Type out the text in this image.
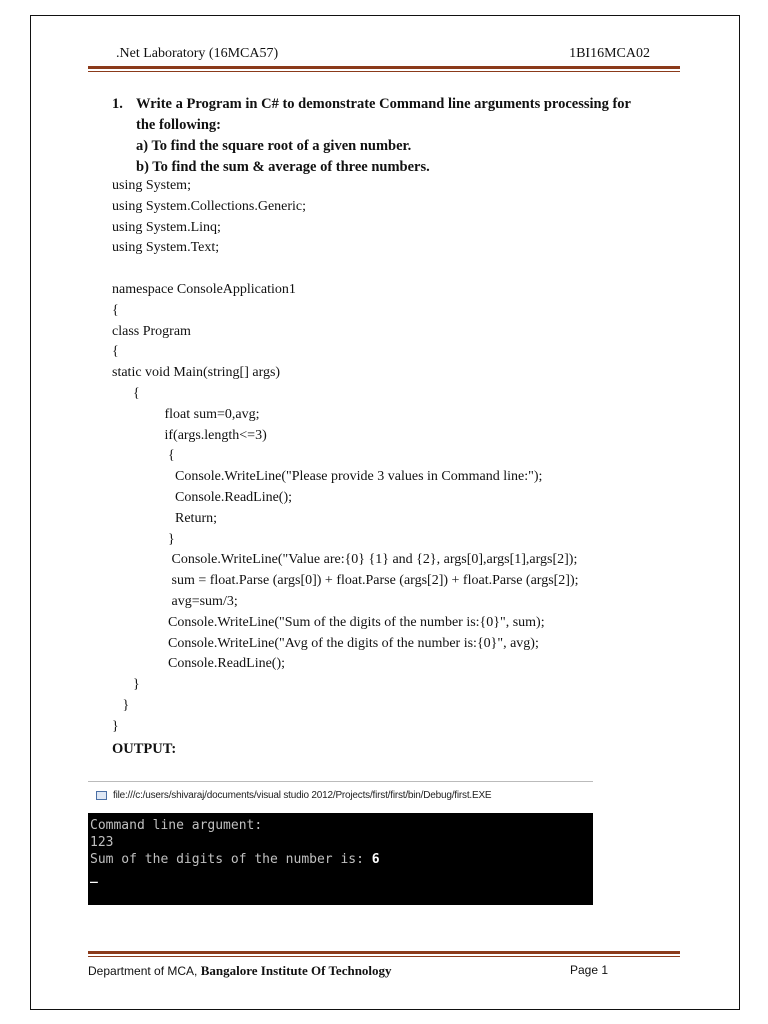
.Net Laboratory (16MCA57)	1BI16MCA02
1. Write a Program in C# to demonstrate Command line arguments processing for
the following:
a) To find the square root of a given number.
b) To find the sum & average of three numbers.
using System;
using System.Collections.Generic;
using System.Linq;
using System.Text;
namespace ConsoleApplication1
{
class Program
{
static void Main(string[] args)
{
float sum=0,avg;
if(args.length<=3)
{
Console.WriteLine("Please provide 3 values in Command line:");
Console.ReadLine();
Return;
}
Console.WriteLine("Value are:{0} {1} and {2}, args[0],args[1],args[2]);
sum = float.Parse (args[0]) + float.Parse (args[2]) + float.Parse (args[2]);
avg=sum/3;
Console.WriteLine("Sum of the digits of the number is:{0}", sum);
Console.WriteLine("Avg of the digits of the number is:{0}", avg);
Console.ReadLine();
}
}
}
OUTPUT:
file:///c:/users/shivaraj/documents/visual studio 2012/Projects/first/first/bin/Debug/first.EXE
Command line argument:
123
Sum of the digits of the number is: 6
_
Department of MCA, Bangalore Institute Of Technology	Page 1
